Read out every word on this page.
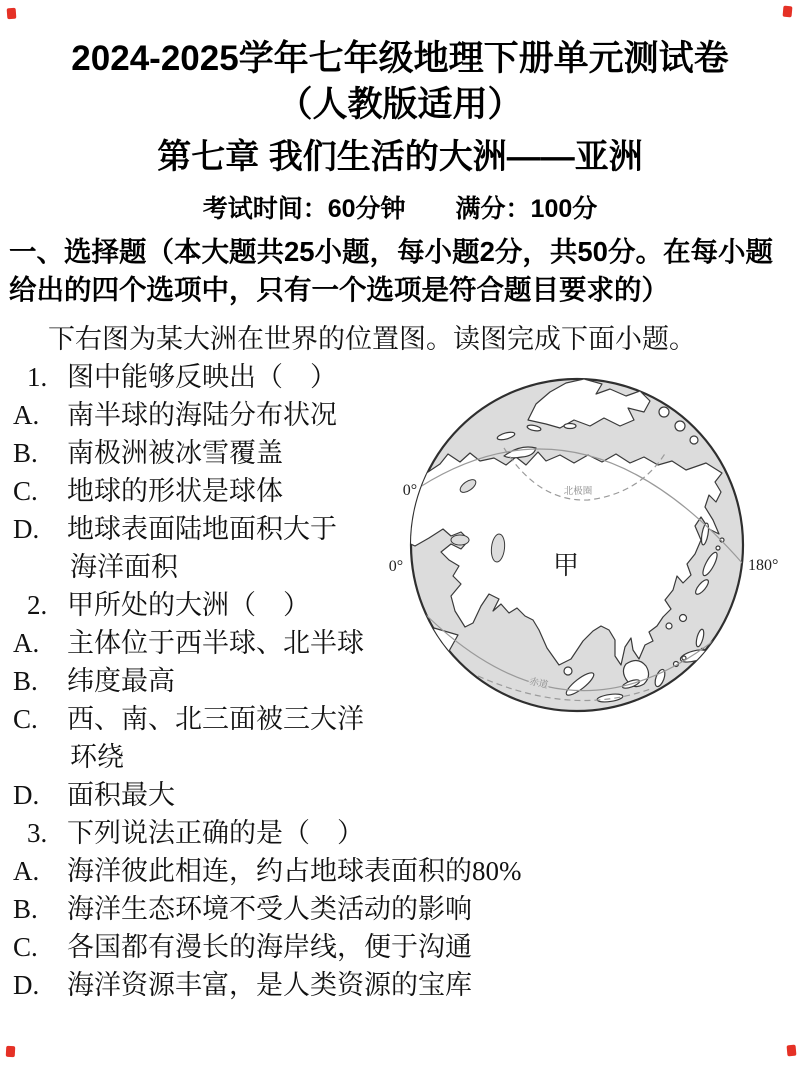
2024-2025学年七年级地理下册单元测试卷
（人教版适用）
第七章 我们生活的大洲——亚洲
考试时间：60分钟　　满分：100分
一、选择题（本大题共25小题，每小题2分，共50分。在每小题给出的四个选项中，只有一个选项是符合题目要求的）
下右图为某大洲在世界的位置图。读图完成下面小题。
1. 图中能够反映出（　）
A. 南半球的海陆分布状况
B. 南极洲被冰雪覆盖
C. 地球的形状是球体
D. 地球表面陆地面积大于
海洋面积
2. 甲所处的大洲（　）
A. 主体位于西半球、北半球
B. 纬度最高
C. 西、南、北三面被三大洋
环绕
D. 面积最大
3. 下列说法正确的是（　）
A. 海洋彼此相连，约占地球表面积的80%
B. 海洋生态环境不受人类活动的影响
C. 各国都有漫长的海岸线，便于沟通
D. 海洋资源丰富，是人类资源的宝库
北极圈
赤道
0°
0°	180°
甲
